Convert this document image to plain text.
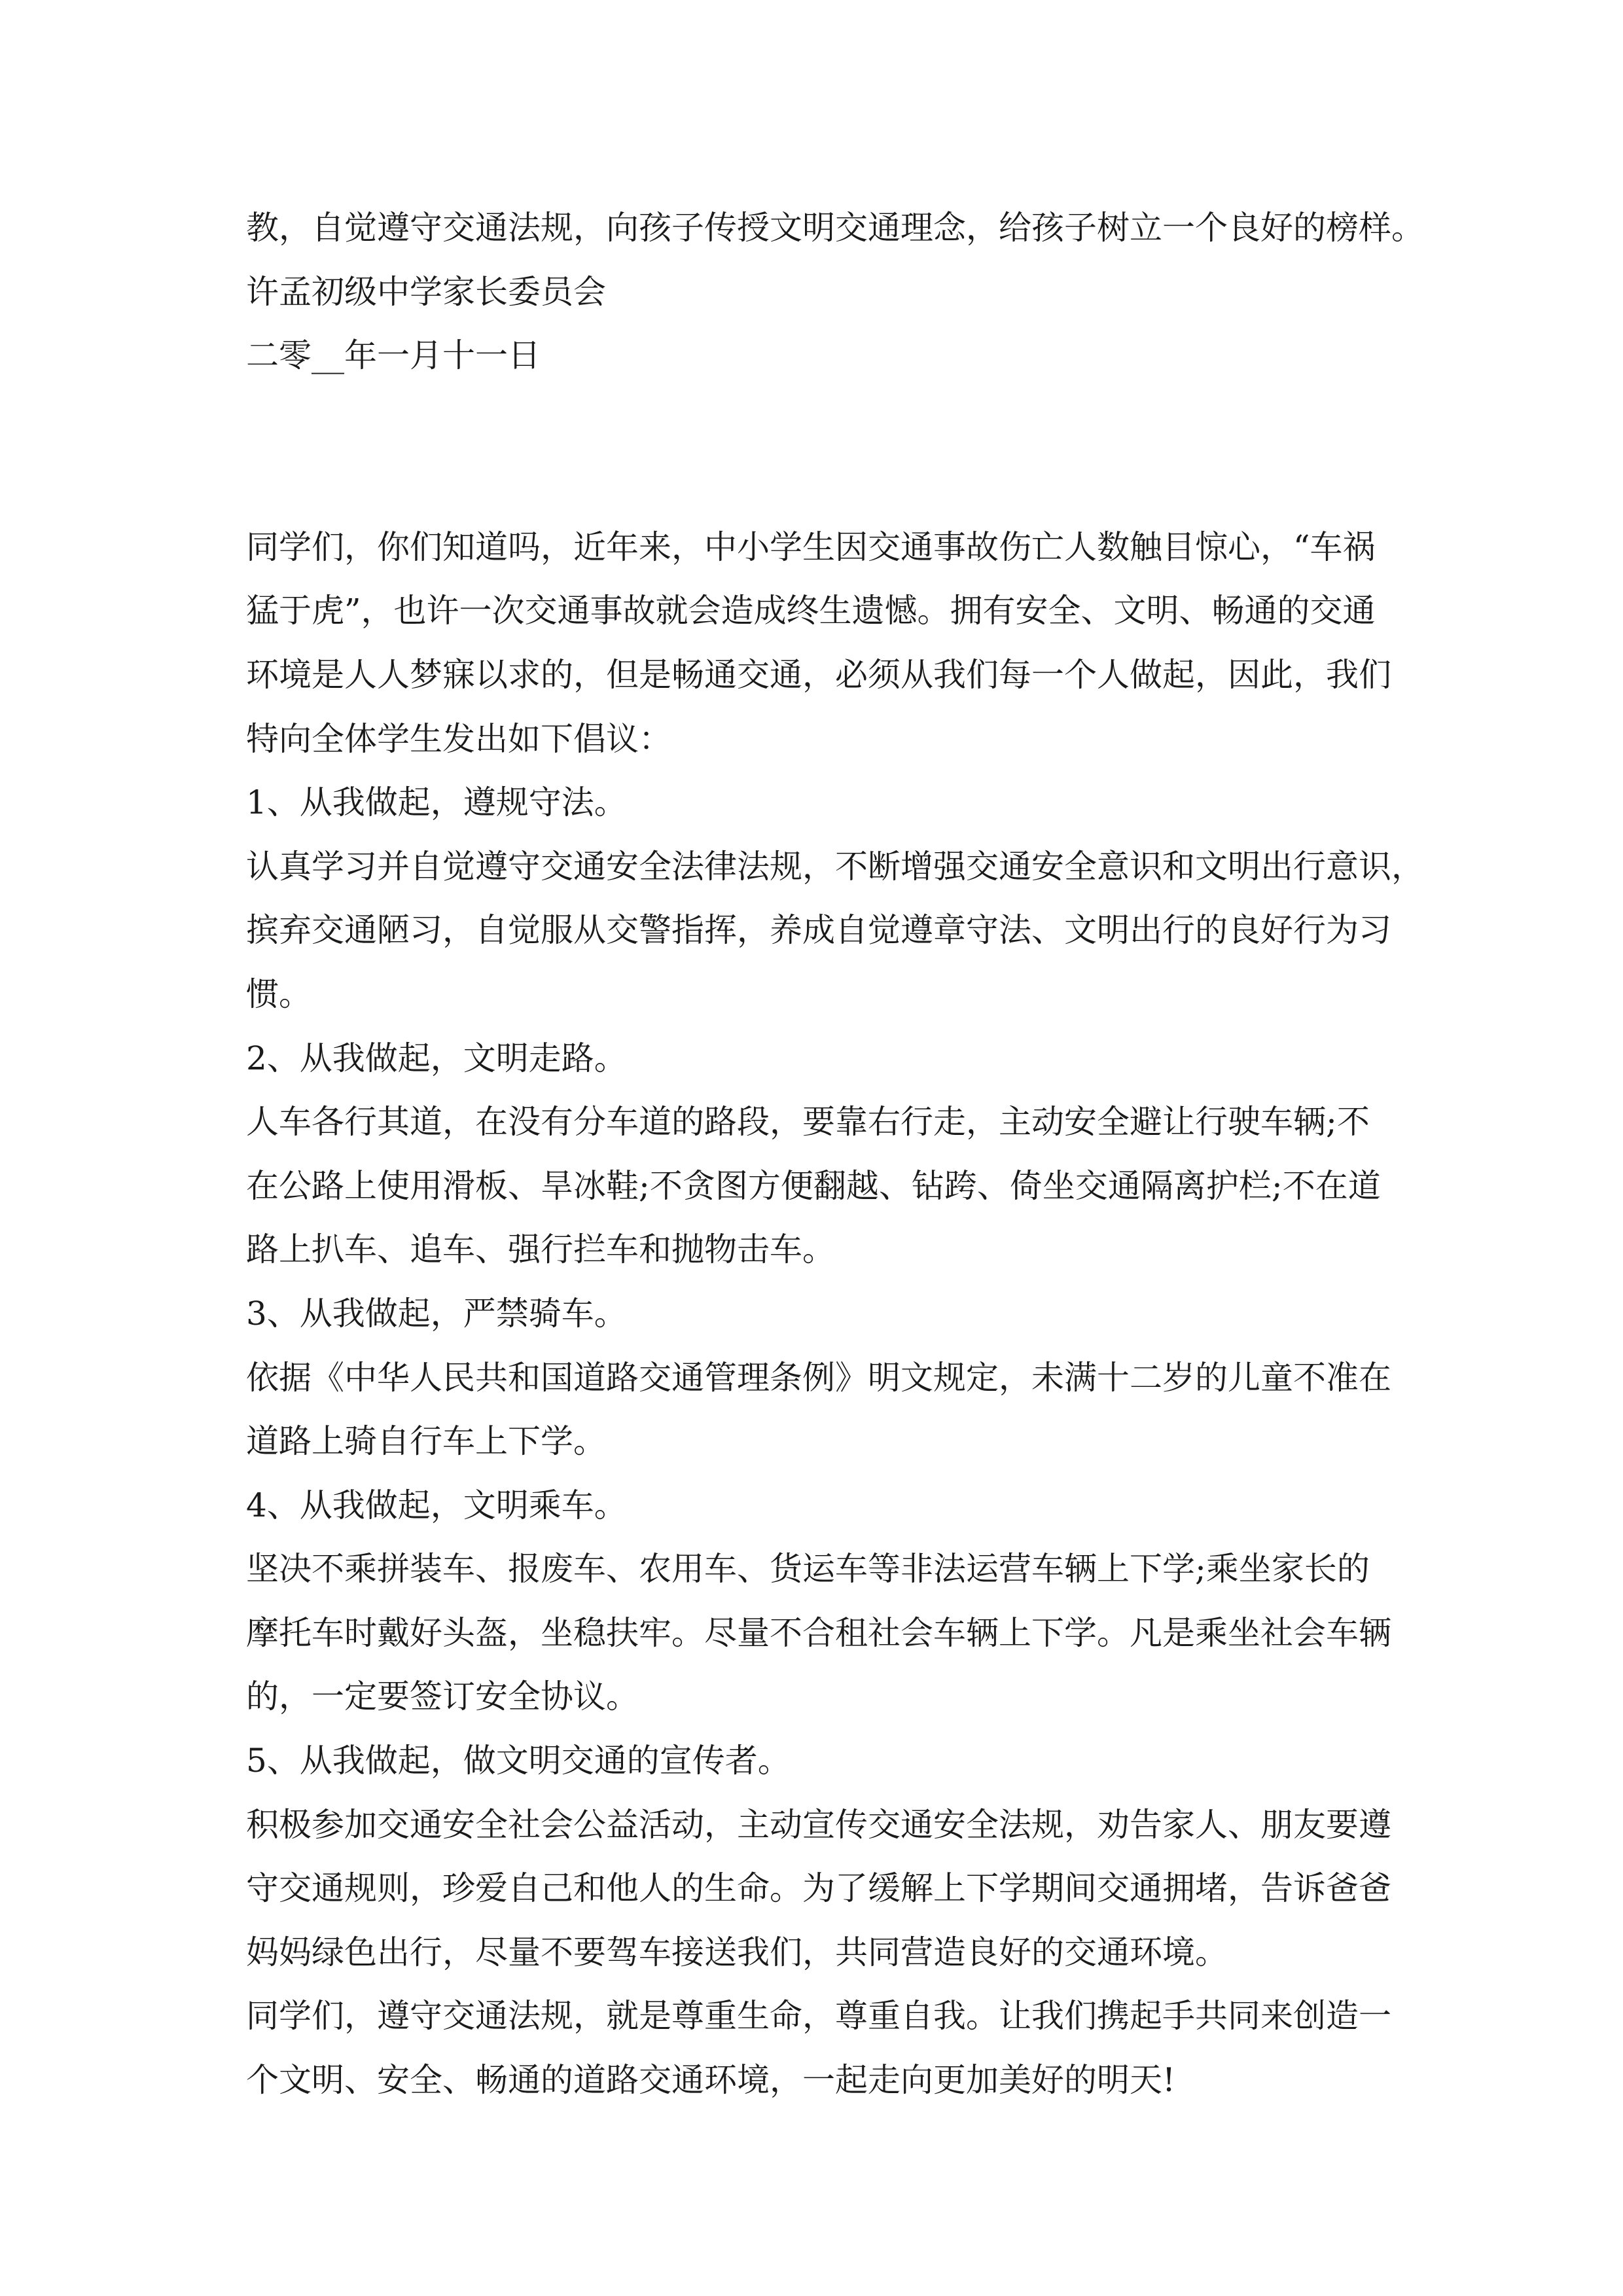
教，自觉遵守交通法规，向孩子传授文明交通理念，给孩子树立一个良好的榜样。
许孟初级中学家长委员会
二零__年一月十一日
同学们，你们知道吗，近年来，中小学生因交通事故伤亡人数触目惊心，“车祸
猛于虎”，也许一次交通事故就会造成终生遗憾。拥有安全、文明、畅通的交通
环境是人人梦寐以求的，但是畅通交通，必须从我们每一个人做起，因此，我们
特向全体学生发出如下倡议：
1、从我做起，遵规守法。
认真学习并自觉遵守交通安全法律法规，不断增强交通安全意识和文明出行意识，
摈弃交通陋习，自觉服从交警指挥，养成自觉遵章守法、文明出行的良好行为习
惯。
2、从我做起，文明走路。
人车各行其道，在没有分车道的路段，要靠右行走，主动安全避让行驶车辆;不
在公路上使用滑板、旱冰鞋;不贪图方便翻越、钻跨、倚坐交通隔离护栏;不在道
路上扒车、追车、强行拦车和抛物击车。
3、从我做起，严禁骑车。
依据《中华人民共和国道路交通管理条例》明文规定，未满十二岁的儿童不准在
道路上骑自行车上下学。
4、从我做起，文明乘车。
坚决不乘拼装车、报废车、农用车、货运车等非法运营车辆上下学;乘坐家长的
摩托车时戴好头盔，坐稳扶牢。尽量不合租社会车辆上下学。凡是乘坐社会车辆
的，一定要签订安全协议。
5、从我做起，做文明交通的宣传者。
积极参加交通安全社会公益活动，主动宣传交通安全法规，劝告家人、朋友要遵
守交通规则，珍爱自己和他人的生命。为了缓解上下学期间交通拥堵，告诉爸爸
妈妈绿色出行，尽量不要驾车接送我们，共同营造良好的交通环境。
同学们，遵守交通法规，就是尊重生命，尊重自我。让我们携起手共同来创造一
个文明、安全、畅通的道路交通环境，一起走向更加美好的明天!
